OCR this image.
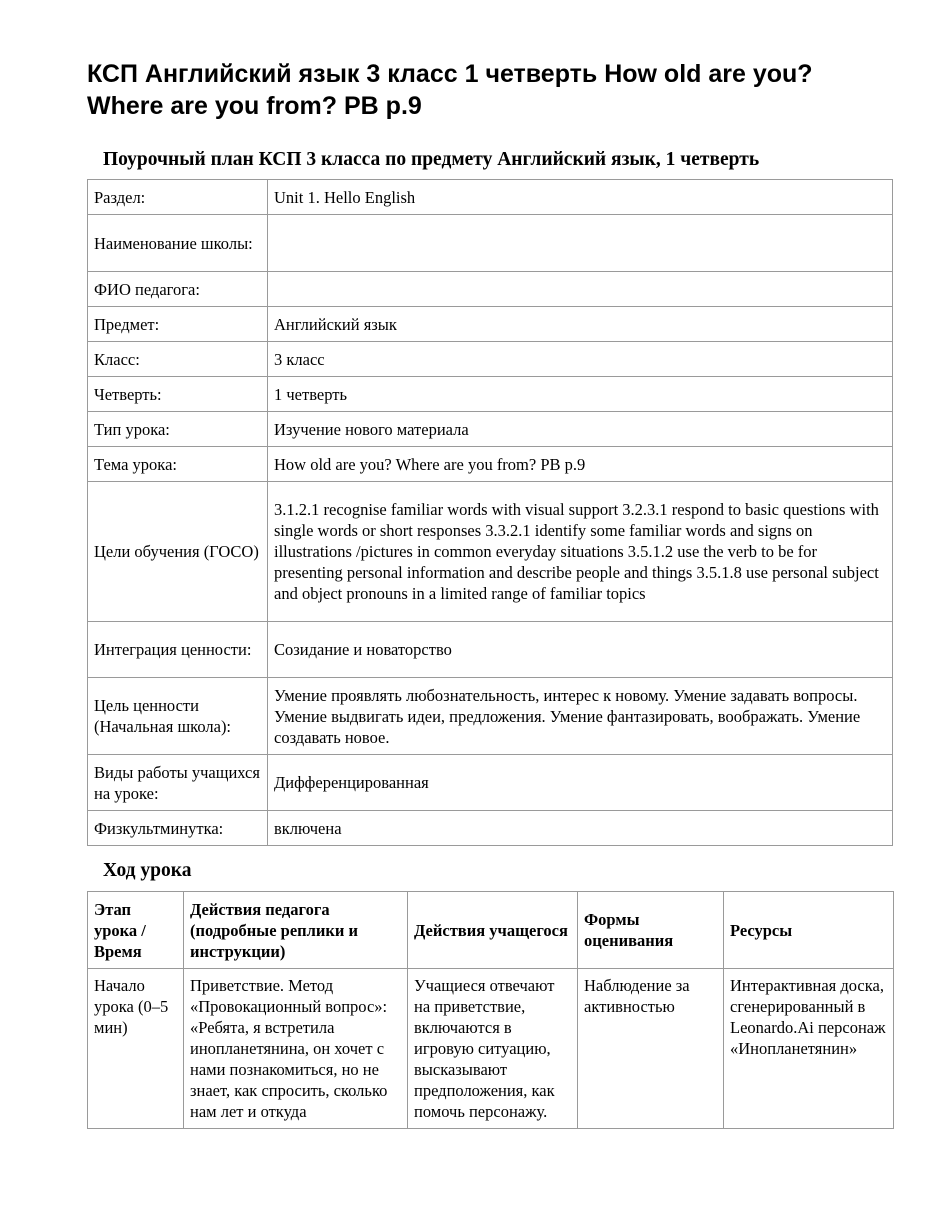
КСП Английский язык 3 класс 1 четверть How old are you? Where are you from? PB p.9
Поурочный план КСП 3 класса по предмету Английский язык, 1 четверть
Раздел:	Unit 1. Hello English
Наименование школы:	
ФИО педагога:	
Предмет:	Английский язык
Класс:	3 класс
Четверть:	1 четверть
Тип урока:	Изучение нового материала
Тема урока:	How old are you? Where are you from? PB p.9
Цели обучения (ГОСО)	3.1.2.1 recognise familiar words with visual support 3.2.3.1 respond to basic questions with single words or short responses 3.3.2.1 identify some familiar words and signs on illustrations /pictures in common everyday situations 3.5.1.2 use the verb to be for presenting personal information and describe people and things 3.5.1.8 use personal subject and object pronouns in a limited range of familiar topics
Интеграция ценности:	Созидание и новаторство
Цель ценности (Начальная школа):	Умение проявлять любознательность, интерес к новому. Умение задавать вопросы. Умение выдвигать идеи, предложения. Умение фантазировать, воображать. Умение создавать новое.
Виды работы учащихся на уроке:	Дифференцированная
Физкультминутка:	включена
Ход урока
Этап урока / Время	Действия педагога (подробные реплики и инструкции)	Действия учащегося	Формы оценивания	Ресурсы
Начало урока (0–5 мин)	Приветствие. Метод «Провокационный вопрос»: «Ребята, я встретила инопланетянина, он хочет с нами познакомиться, но не знает, как спросить, сколько нам лет и откуда	Учащиеся отвечают на приветствие, включаются в игровую ситуацию, высказывают предположения, как помочь персонажу.	Наблюдение за активностью	Интерактивная доска, сгенерированный в Leonardo.Ai персонаж «Инопланетянин»
